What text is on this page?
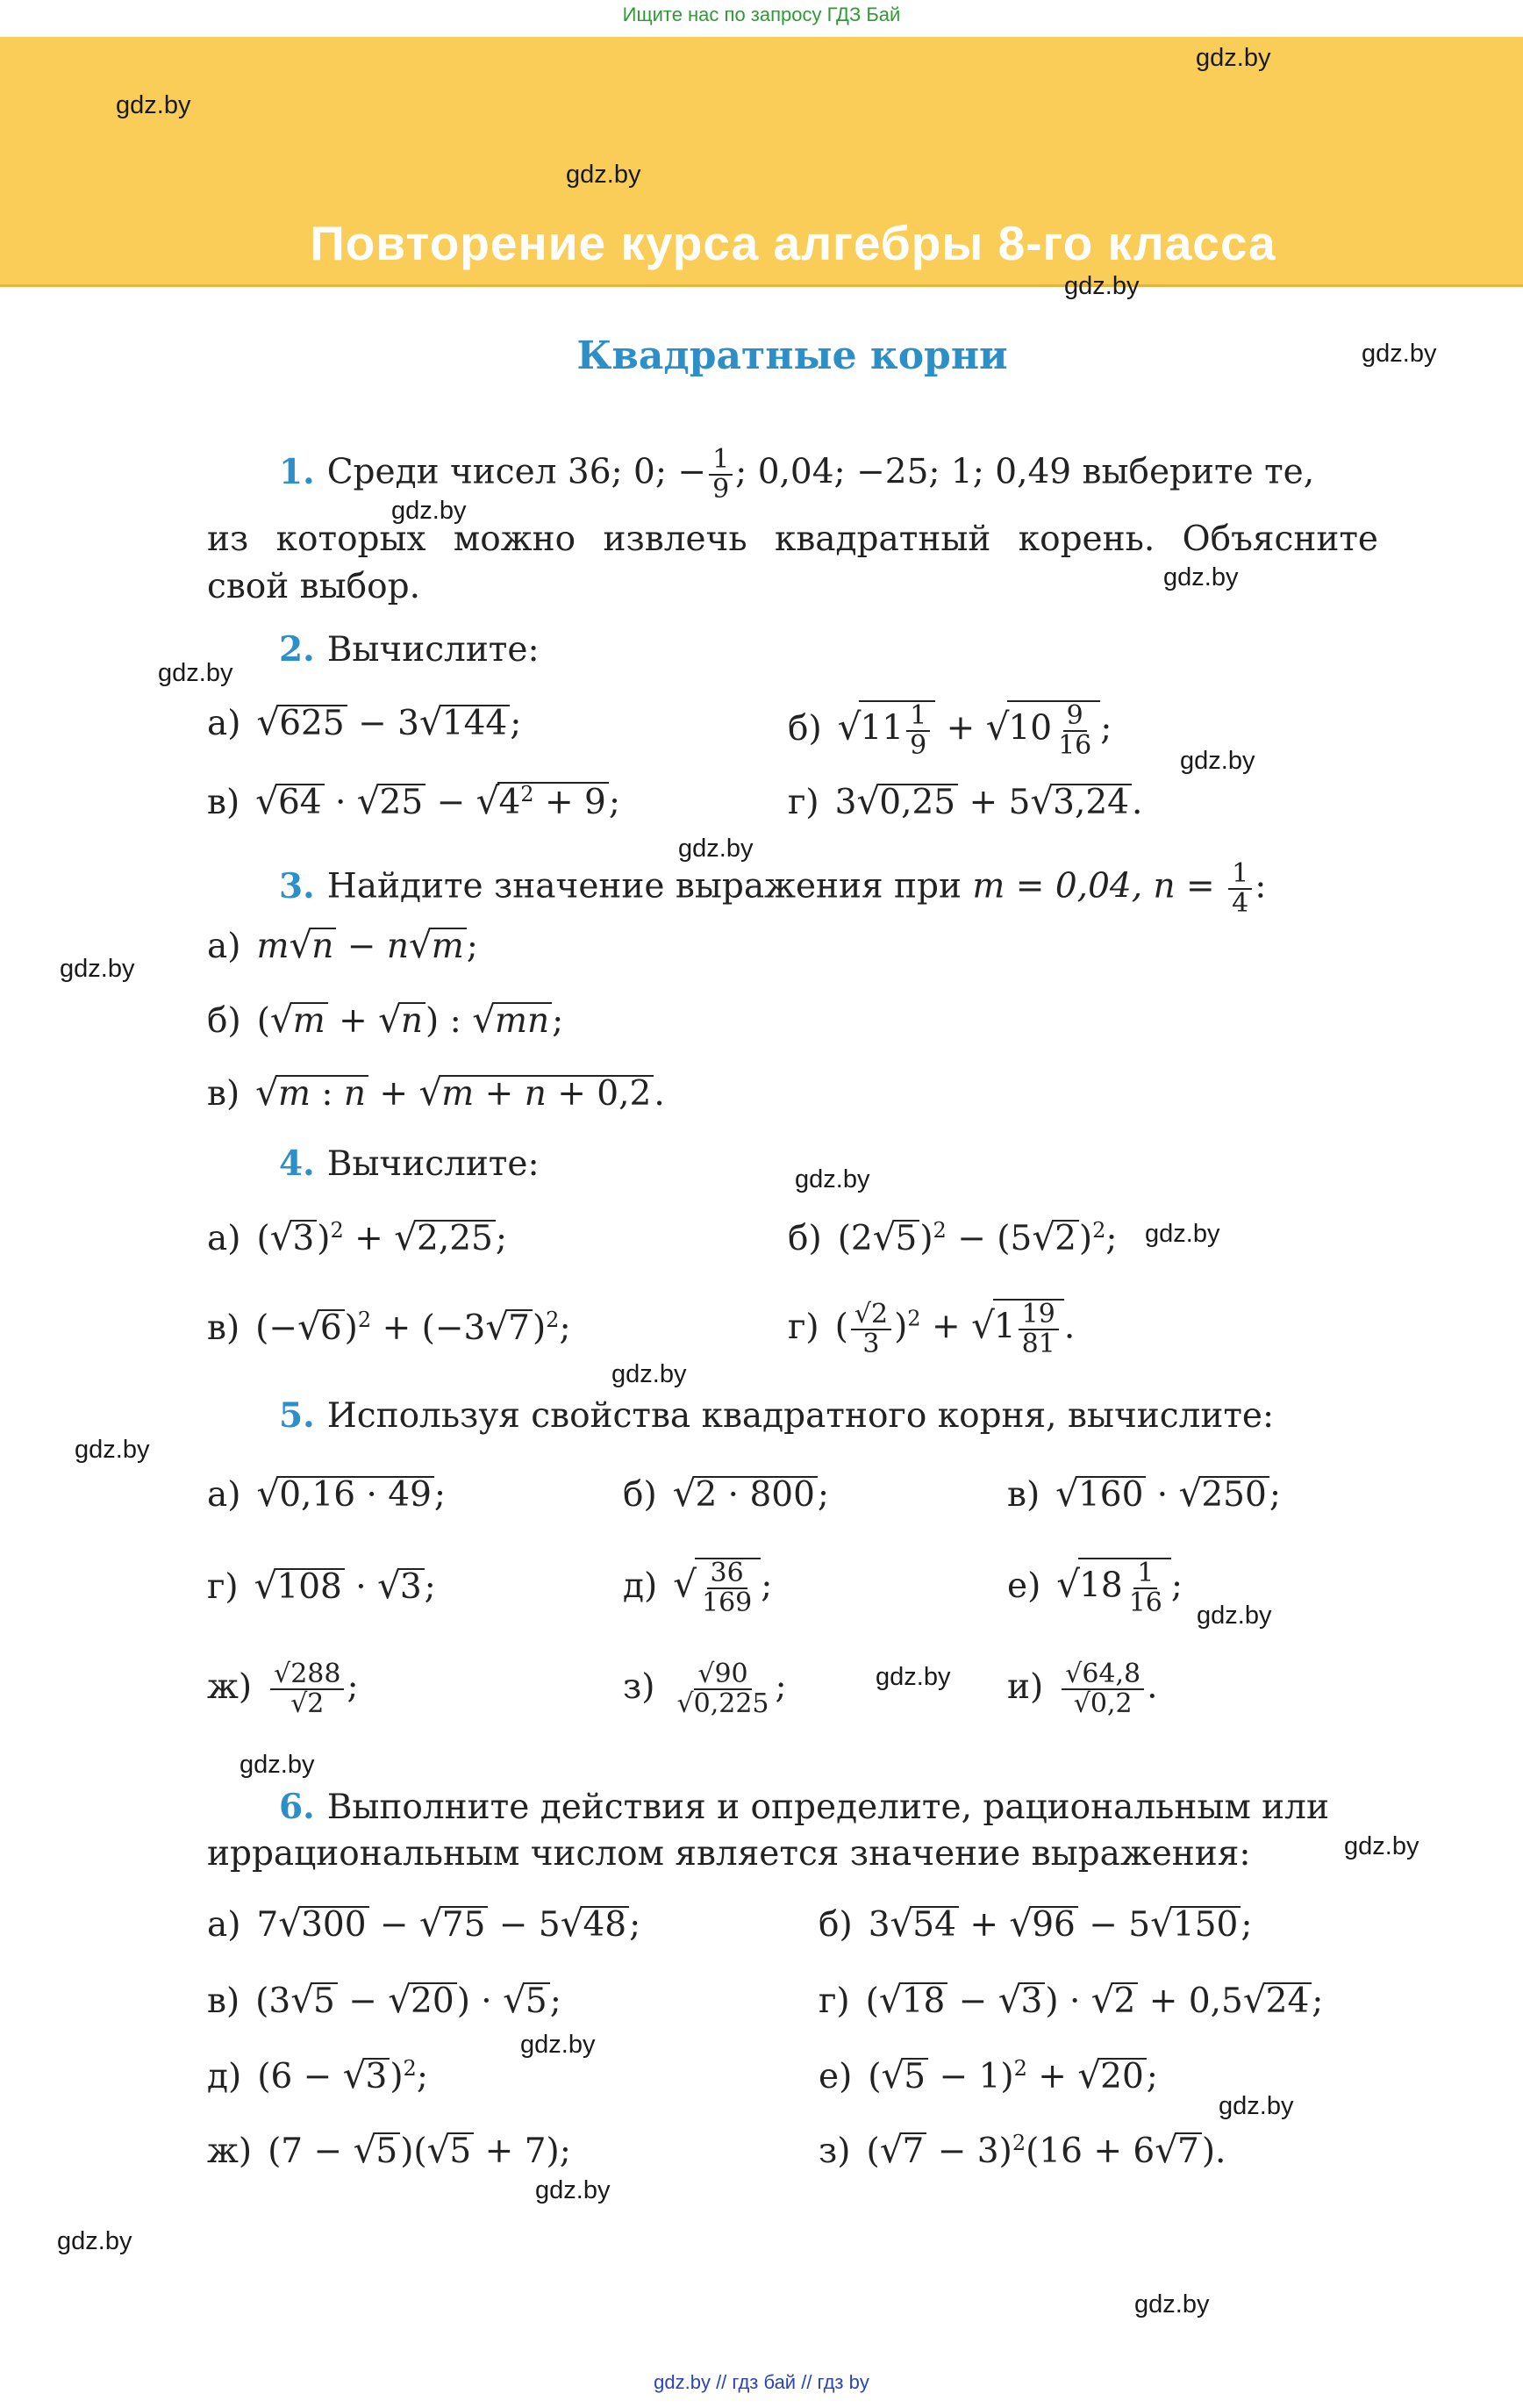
Ищите нас по запросу ГДЗ Бай
Повторение курса алгебры 8-го класса
gdz.by
gdz.by
gdz.by
gdz.by
gdz.by
gdz.by
gdz.by
gdz.by
gdz.by
gdz.by
gdz.by
gdz.by
gdz.by
gdz.by
gdz.by
gdz.by
gdz.by
gdz.by
gdz.by
gdz.by
gdz.by
gdz.by
gdz.by
gdz.by
Квадратные корни
1. Среди чисел 36; 0; − $\frac{1}{9}$ ; 0,04; −25; 1; 0,49 выберите те,
из которых можно извлечь квадратный корень. Объясните
свой выбор.
2. Вычислите:
а) √625 − 3√144;	б) $√11 \frac{1}{9} + √10 \frac{9}{16}$ ;
в) $√64 \cdot √25 - √4^2 + 9$;	г) 3√0,25 + 5√3,24.
3. Найдите значение выражения при m = 0,04, $n = \frac{1}{4}$ :
а) m√n − n√m;
б) (√m + √n) : √mn;
в) √m : n + √m + n + 0,2.
4. Вычислите:
а) $(√3)^2 + √2,25$;	б) $(2√5)^2 - (5√2)^2$;
в) $(-√6)^2 + (-3√7)^2$;	г) ( $\frac{√2}{3} )^2 + √1 \frac{19}{81}$ .
5. Используя свойства квадратного корня, вычислите:
а) √0,16 · 49;	б) √2 · 800;	в) √160 · √250;
г) √108 · √3;	д) √ $\frac{36}{169}$ ;	е) $√18 \frac{1}{16}$ ;
$ж) \frac{√288}{√2}$ ;	$з) \frac{√90}{√0,225}$ ;	$и) \frac{√64,8}{√0,2}$ .
6. Выполните действия и определите, рациональным или
иррациональным числом является значение выражения:
а) 7√300 − √75 − 5√48;	б) 3√54 + √96 − 5√150;
в) (3√5 − √20) · √5;	г) (√18 − √3) · √2 + 0,5√24;
д) $(6 - √3)^2$;	е) $(√5 - 1)^2 + √20$;
ж) (7 − √5)(√5 + 7);	з) $(√7 - 3)^2(16 + 6√7)$.
gdz.by // гдз бай // гдз by
